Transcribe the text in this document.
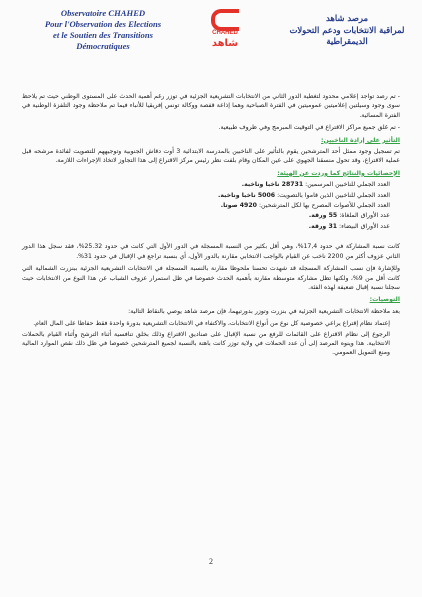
Observatoire CHAHED
Pour l'Observation des Elections
et le Soutien des Transitions
Démocratiques
CHAHED
شاهد
مرصد شاهد
لمراقبة الانتخابات ودعم التحولات
الديمقراطية

- تم رصد تواجد إعلامي محدود لتغطية الدور الثاني من الانتخابات التشريعية الجزئية في توزر رغم أهمية الحدث على المستوى الوطني حيث تم يلاحظ سوى وجود وسيلتين إعلاميتين عموميتين في الفترة الصباحية وهما إذاعة قفصة ووكالة تونس إفريقيا للأنباء فيما تم ملاحظة وجود التلفزة الوطنية في الفترة المسائية.

- تم غلق جميع مراكز الاقتراع في التوقيت المبرمج وفي ظروف طبيعية.

التأثير على إرادة الناخبين:

تم تسجيل وجود ممثل أحد المترشحين يقوم بالتأثير على الناخبين بالمدرسة الابتدائية 3 أوت دقاش الجنوبية وتوجيههم للتصويت لفائدة مرشحه قبل عملية الاقتراع، وقد تحول منسقنا الجهوي على عين المكان وقام بلفت نظر رئيس مركز الاقتراع إلى هذا التجاوز لاتخاذ الإجراءات اللازمة.

الإحصائيات والنتائج كما وردت عن الهيئة:
العدد الجملي للناخبين المرسمين: 28731 ناخبا وناخبة.
العدد الجملي للناخبين الذين قاموا بالتصويت: 5006 ناخبا وناخبة.
العدد الجملي للأصوات المصرح بها لكل المترشحين: 4920 صوتا.
عدد الأوراق الملغاة: 55 ورقة.
عدد الأوراق البيضاء: 31 ورقة.

كانت نسبة المشاركة في حدود 17,4%، وهي أقل بكثير من النسبة المسجلة في الدور الأول التي كانت في حدود 25.32%، فقد سجل هذا الدور الثاني عزوف أكثر من 2200 ناخب عن القيام بالواجب الانتخابي مقارنة بالدور الأول، أي بنسبة تراجع في الإقبال في حدود 31%.

وللإشارة فإن نسب المشاركة المسجلة قد شهدت تحسنا ملحوظا مقارنة بالنسبة المسجلة في الانتخابات التشريعية الجزئية ببنزرت الشمالية التي كانت أقل من 9%، ولكنها تظل مشاركة متوسطة مقارنة بأهمية الحدث خصوصا في ظل استمرار عزوف الشباب عن هذا النوع من الانتخابات حيث سجلنا نسبة إقبال ضعيفة لهذه الفئة.

التوصيات:

بعد ملاحظة الانتخابات التشريعية الجزئية في بنزرت وتوزر بدورتيهما، فإن مرصد شاهد يوصي بالنقاط التالية:

إعتماد نظام إقتراع يراعي خصوصية كل نوع من أنواع الانتخابات، والاكتفاء في الانتخابات التشريعية بدورة واحدة فقط حفاظا على المال العام.
الرجوع إلى نظام الاقتراع على القائمات للرفع من نسبة الإقبال على صناديق الاقتراع وذلك بخلق تنافسية أثناء الترشح وأثناء القيام بالحملات الانتخابية. هذا وينوه المرصد إلى أن عدد الحملات في ولاية توزر كانت باهتة بالنسبة لجميع المترشحين خصوصا في ظل ذلك نقص الموارد المالية ومنع التمويل العمومي.
2
